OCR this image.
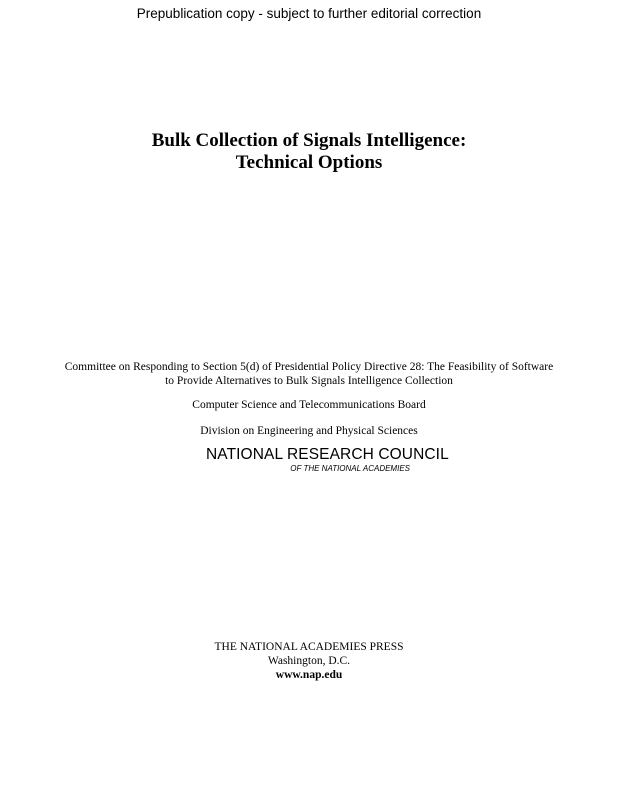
Prepublication copy - subject to further editorial correction
Bulk Collection of Signals Intelligence:
Technical Options
Committee on Responding to Section 5(d) of Presidential Policy Directive 28: The Feasibility of Software
to Provide Alternatives to Bulk Signals Intelligence Collection
Computer Science and Telecommunications Board
Division on Engineering and Physical Sciences
NATIONAL RESEARCH COUNCIL
OF THE NATIONAL ACADEMIES
THE NATIONAL ACADEMIES PRESS
Washington, D.C.
www.nap.edu
